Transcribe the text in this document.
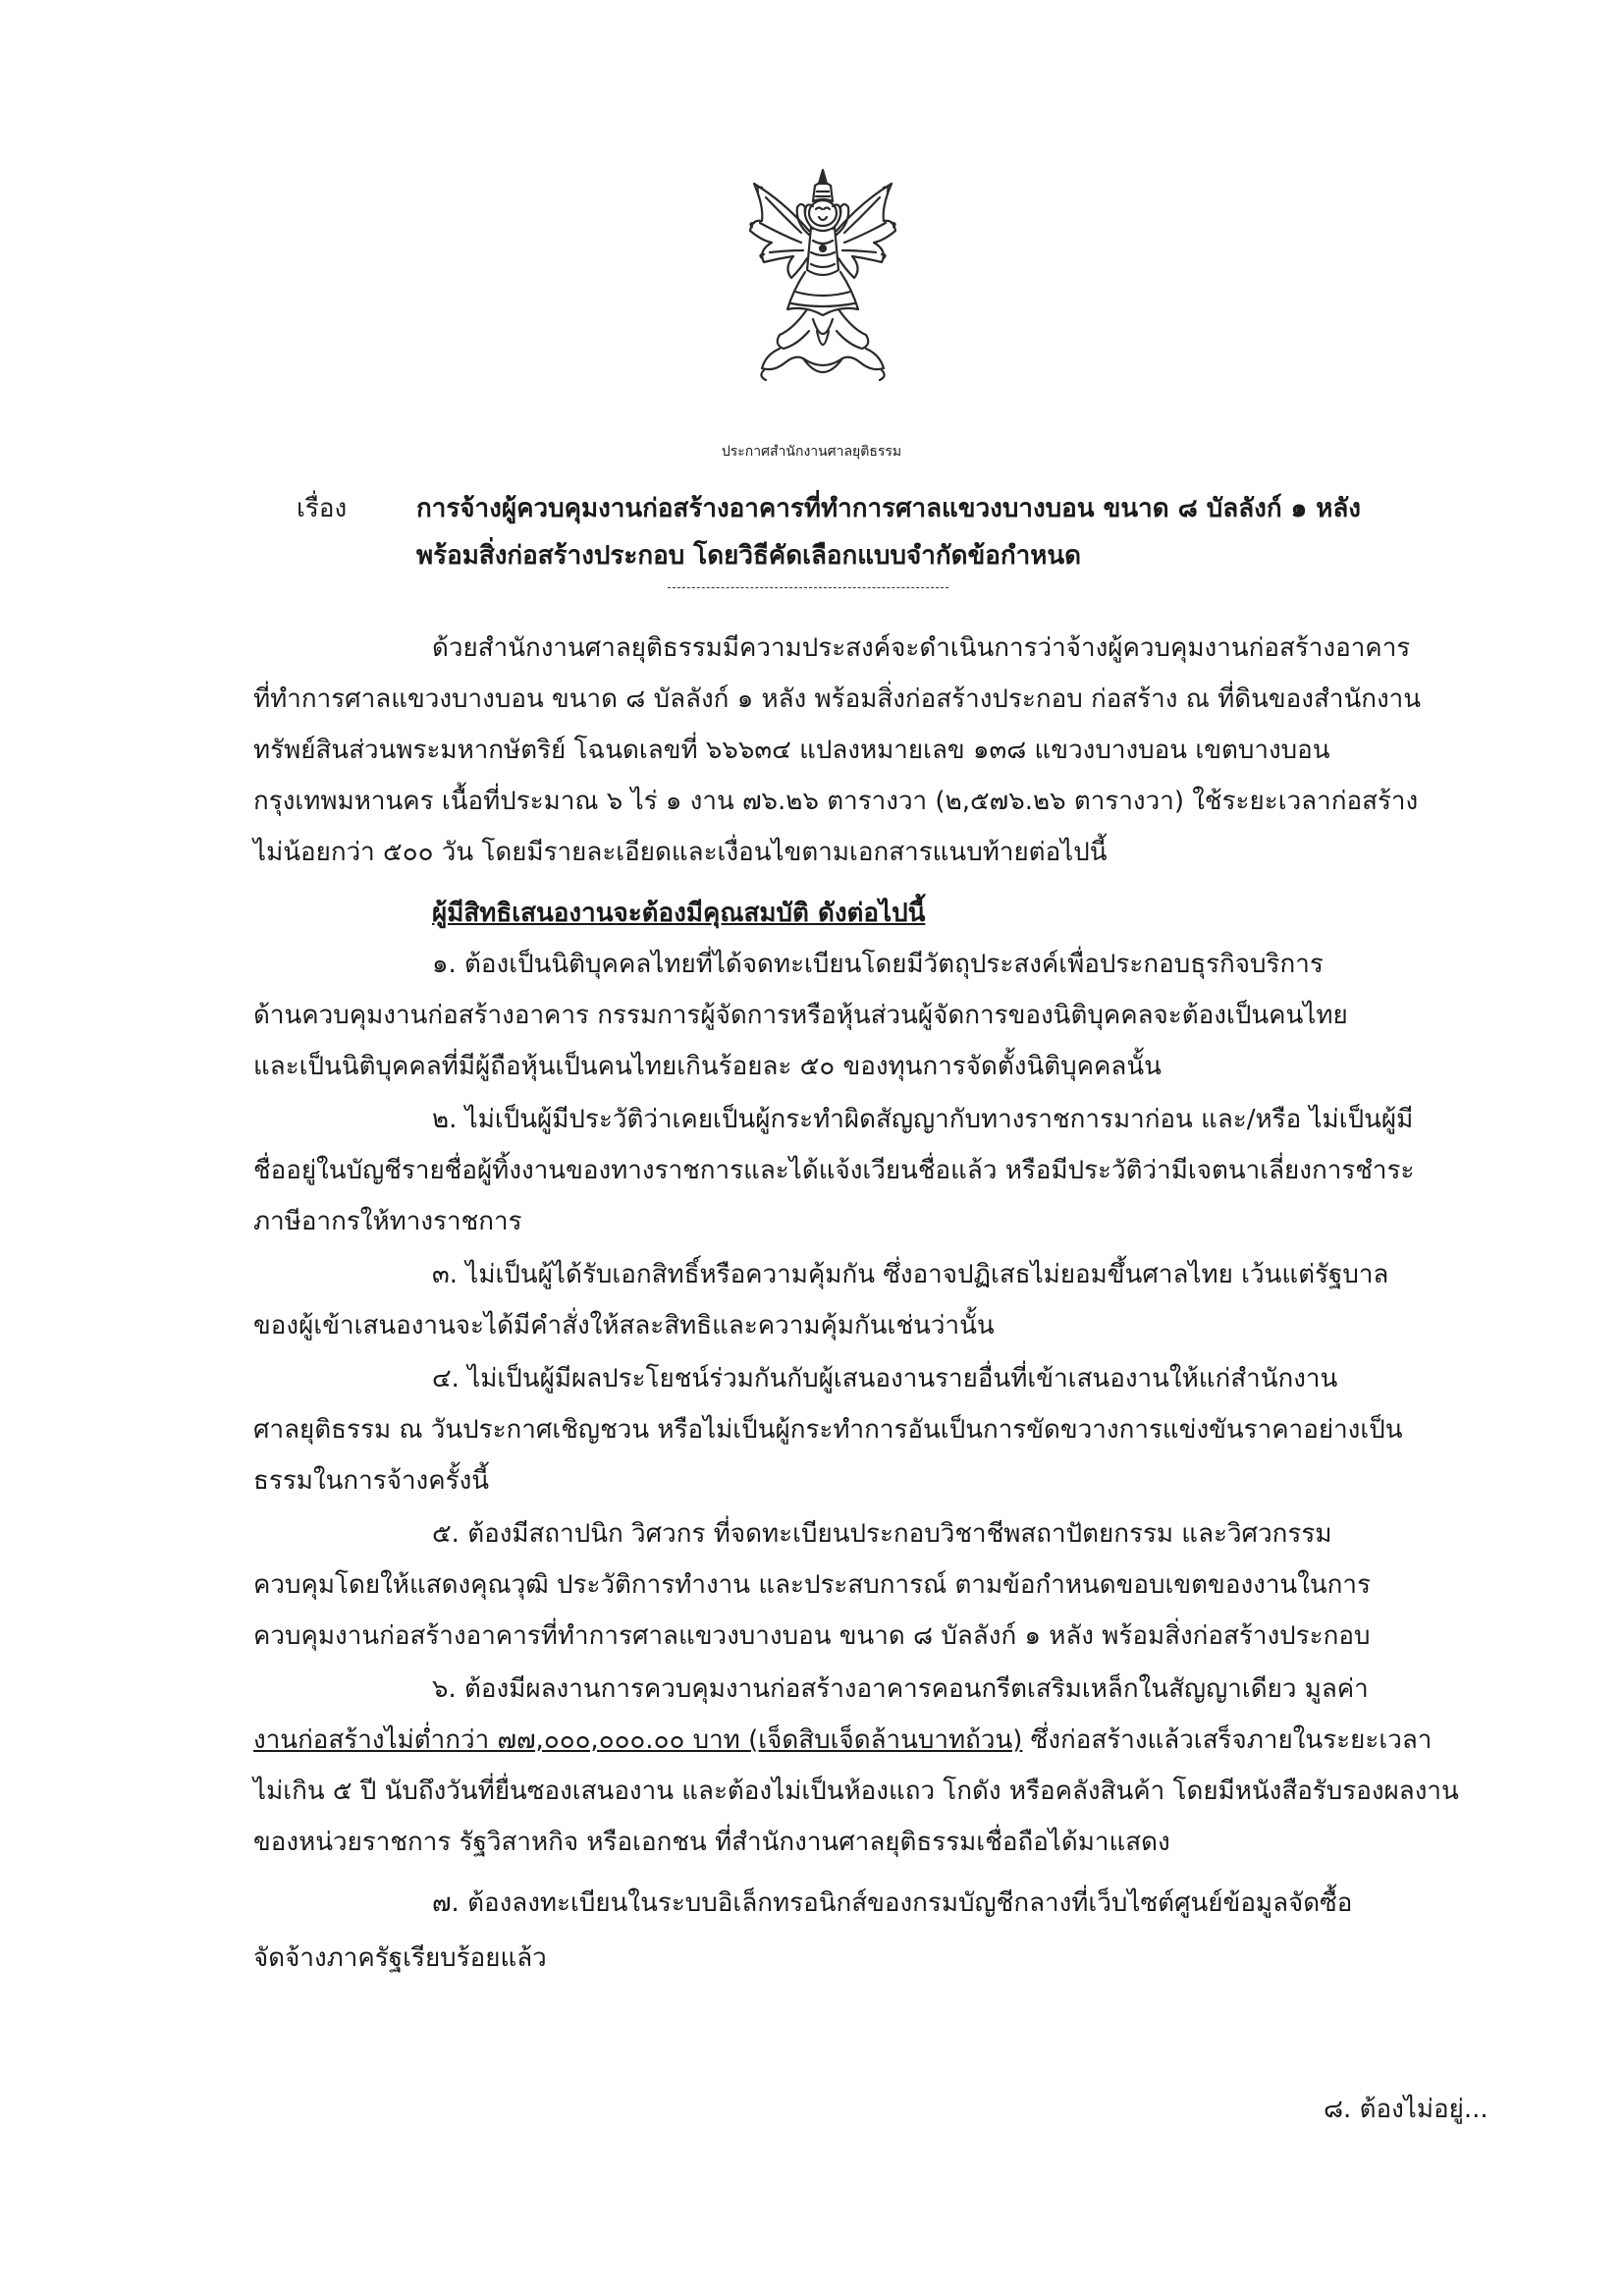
ประกาศสำนักงานศาลยุติธรรม
เรื่อง	การจ้างผู้ควบคุมงานก่อสร้างอาคารที่ทำการศาลแขวงบางบอน ขนาด ๘ บัลลังก์ ๑ หลัง
พร้อมสิ่งก่อสร้างประกอบ โดยวิธีคัดเลือกแบบจำกัดข้อกำหนด
ด้วยสำนักงานศาลยุติธรรมมีความประสงค์จะดำเนินการว่าจ้างผู้ควบคุมงานก่อสร้างอาคาร
ที่ทำการศาลแขวงบางบอน ขนาด ๘ บัลลังก์ ๑ หลัง พร้อมสิ่งก่อสร้างประกอบ ก่อสร้าง ณ ที่ดินของสำนักงาน
ทรัพย์สินส่วนพระมหากษัตริย์ โฉนดเลขที่ ๖๖๖๓๔ แปลงหมายเลข ๑๓๘ แขวงบางบอน เขตบางบอน
กรุงเทพมหานคร เนื้อที่ประมาณ ๖ ไร่ ๑ งาน ๗๖.๒๖ ตารางวา (๒,๕๗๖.๒๖ ตารางวา) ใช้ระยะเวลาก่อสร้าง
ไม่น้อยกว่า ๕๐๐ วัน โดยมีรายละเอียดและเงื่อนไขตามเอกสารแนบท้ายต่อไปนี้
ผู้มีสิทธิเสนองานจะต้องมีคุณสมบัติ ดังต่อไปนี้
๑. ต้องเป็นนิติบุคคลไทยที่ได้จดทะเบียนโดยมีวัตถุประสงค์เพื่อประกอบธุรกิจบริการ
ด้านควบคุมงานก่อสร้างอาคาร กรรมการผู้จัดการหรือหุ้นส่วนผู้จัดการของนิติบุคคลจะต้องเป็นคนไทย
และเป็นนิติบุคคลที่มีผู้ถือหุ้นเป็นคนไทยเกินร้อยละ ๕๐ ของทุนการจัดตั้งนิติบุคคลนั้น
๒. ไม่เป็นผู้มีประวัติว่าเคยเป็นผู้กระทำผิดสัญญากับทางราชการมาก่อน และ/หรือ ไม่เป็นผู้มี
ชื่ออยู่ในบัญชีรายชื่อผู้ทิ้งงานของทางราชการและได้แจ้งเวียนชื่อแล้ว หรือมีประวัติว่ามีเจตนาเลี่ยงการชำระ
ภาษีอากรให้ทางราชการ
๓. ไม่เป็นผู้ได้รับเอกสิทธิ์หรือความคุ้มกัน ซึ่งอาจปฏิเสธไม่ยอมขึ้นศาลไทย เว้นแต่รัฐบาล
ของผู้เข้าเสนองานจะได้มีคำสั่งให้สละสิทธิและความคุ้มกันเช่นว่านั้น
๔. ไม่เป็นผู้มีผลประโยชน์ร่วมกันกับผู้เสนองานรายอื่นที่เข้าเสนองานให้แก่สำนักงาน
ศาลยุติธรรม ณ วันประกาศเชิญชวน หรือไม่เป็นผู้กระทำการอันเป็นการขัดขวางการแข่งขันราคาอย่างเป็น
ธรรมในการจ้างครั้งนี้
๕. ต้องมีสถาปนิก วิศวกร ที่จดทะเบียนประกอบวิชาชีพสถาปัตยกรรม และวิศวกรรม
ควบคุมโดยให้แสดงคุณวุฒิ ประวัติการทำงาน และประสบการณ์ ตามข้อกำหนดขอบเขตของงานในการ
ควบคุมงานก่อสร้างอาคารที่ทำการศาลแขวงบางบอน ขนาด ๘ บัลลังก์ ๑ หลัง พร้อมสิ่งก่อสร้างประกอบ
๖. ต้องมีผลงานการควบคุมงานก่อสร้างอาคารคอนกรีตเสริมเหล็กในสัญญาเดียว มูลค่า
งานก่อสร้างไม่ต่ำกว่า ๗๗,๐๐๐,๐๐๐.๐๐ บาท (เจ็ดสิบเจ็ดล้านบาทถ้วน) ซึ่งก่อสร้างแล้วเสร็จภายในระยะเวลา
ไม่เกิน ๕ ปี นับถึงวันที่ยื่นซองเสนองาน และต้องไม่เป็นห้องแถว โกดัง หรือคลังสินค้า โดยมีหนังสือรับรองผลงาน
ของหน่วยราชการ รัฐวิสาหกิจ หรือเอกชน ที่สำนักงานศาลยุติธรรมเชื่อถือได้มาแสดง
๗. ต้องลงทะเบียนในระบบอิเล็กทรอนิกส์ของกรมบัญชีกลางที่เว็บไซต์ศูนย์ข้อมูลจัดซื้อ
จัดจ้างภาครัฐเรียบร้อยแล้ว
๘. ต้องไม่อยู่...
